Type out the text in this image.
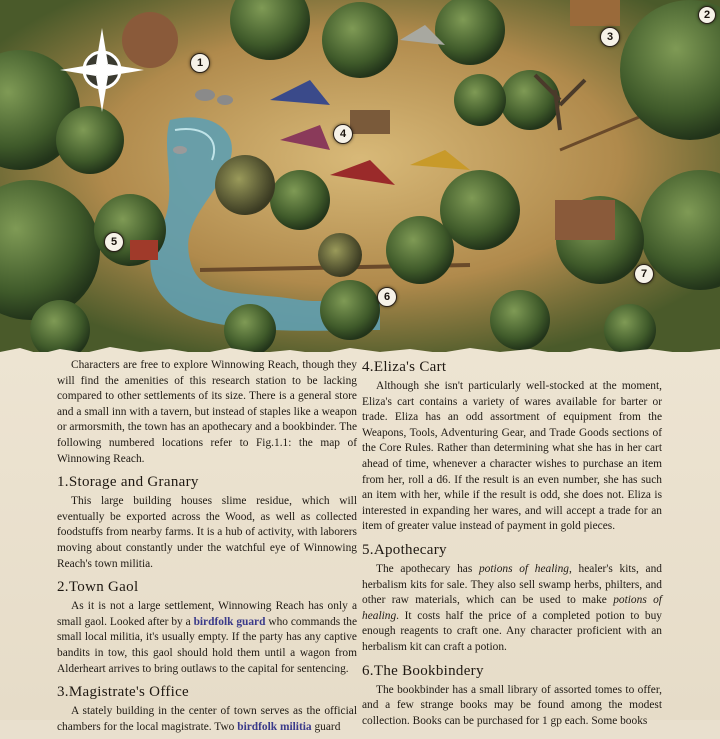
1
2
3
4
5
6
7

Characters are free to explore Winnowing Reach, though they will find the amenities of this research station to be lacking compared to other settlements of its size. There is a general store and a small inn with a tavern, but instead of staples like a weapon or armorsmith, the town has an apothecary and a bookbinder. The following numbered locations refer to Fig.1.1: the map of Winnowing Reach.

1.Storage and Granary

This large building houses slime residue, which will eventually be exported across the Wood, as well as collected foodstuffs from nearby farms. It is a hub of activity, with laborers moving about constantly under the watchful eye of Winnowing Reach's town militia.

2.Town Gaol

As it is not a large settlement, Winnowing Reach has only a small gaol. Looked after by a birdfolk guard who commands the small local militia, it's usually empty. If the party has any captive bandits in tow, this gaol should hold them until a wagon from Alderheart arrives to bring outlaws to the capital for sentencing.

3.Magistrate's Office

A stately building in the center of town serves as the official chambers for the local magistrate. Two birdfolk militia guard

4.Eliza's Cart

Although she isn't particularly well-stocked at the moment, Eliza's cart contains a variety of wares available for barter or trade. Eliza has an odd assortment of equipment from the Weapons, Tools, Adventuring Gear, and Trade Goods sections of the Core Rules. Rather than determining what she has in her cart ahead of time, whenever a character wishes to purchase an item from her, roll a d6. If the result is an even number, she has such an item with her, while if the result is odd, she does not. Eliza is interested in expanding her wares, and will accept a trade for an item of greater value instead of payment in gold pieces.

5.Apothecary

The apothecary has potions of healing, healer's kits, and herbalism kits for sale. They also sell swamp herbs, philters, and other raw materials, which can be used to make potions of healing. It costs half the price of a completed potion to buy enough reagents to craft one. Any character proficient with an herbalism kit can craft a potion.

6.The Bookbindery

The bookbinder has a small library of assorted tomes to offer, and a few strange books may be found among the modest collection. Books can be purchased for 1 gp each. Some books
